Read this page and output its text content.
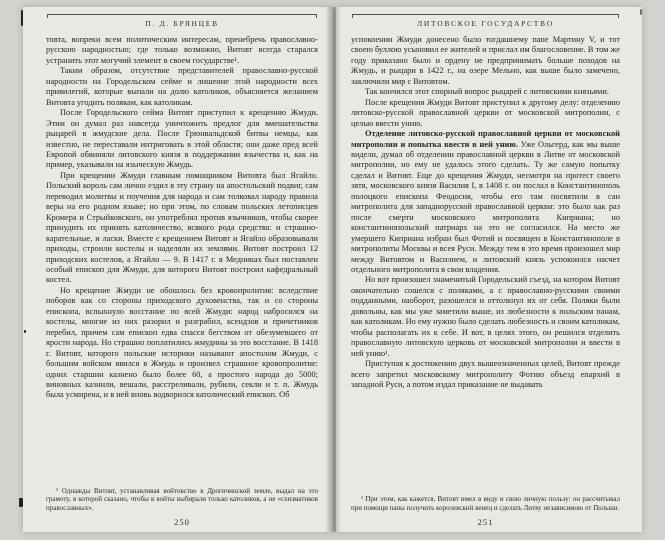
П. Д. БРЯНЦЕВ

товта, вопреки всем политическим интересам, пренебречь православно-русскою народностью; где только возможно, Витовт всегда старался устранить этот могучий элемент в своем государстве¹.

Таким образом, отсутствие представителей православно-русской народности на Городельском сейме и лишение этой народности всех привилегий, которые выпали на долю католиков, объясняется желанием Витовта угодить полякам, как католикам.

После Городельского сейма Витовт приступил к крещению Жмуди. Этим он думал раз навсегда уничтожить предлог для вмешательства рыцарей в жмудские дела. После Грюнвальдской битвы немцы, как известно, не переставали интриговать в этой области; они даже пред всей Европой обвиняли литовского князя в поддержании язычества и, как на пример, указывали на языческую Жмудь.

При крещении Жмуди главным помощником Витовта был Ягайло. Польский король сам лично ездил в эту страну на апостольский подвиг, сам переводил молитвы и поучения для народа и сам толковал народу правила веры на его родном языке; но при этом, по словам польских летописцев Кромера и Стрыйковского, он употреблял против язычников, чтобы скорее принудить их принять католичество, всякого рода средства: и страшно-карательные, и ласки. Вместе с крещением Витовт и Ягайло образовывали приходы, строили костелы и наделяли их землями. Витовт построил 12 приходских костелов, а Ягайло — 9. В 1417 г. в Медниках был поставлен особый епископ для Жмуди, для которого Витовт построил кафедральный костел.

Но крещение Жмуди не обошлось без кровопролития: вследствие поборов как со стороны приходского духовенства, так и со стороны епископа, вспыхнуло восстание по всей Жмуди: народ набросился на костелы, многие из них разорил и разграбил, ксендзов и причетников перебил, причем сам епископ едва спасся бегством от обезумевшего от ярости народа. Но страшно поплатились жмудины за это восстание. В 1418 г. Витовт, которого польские историки называют апостолом Жмуди, с большим войском явился в Жмудь и произвел страшное кровопролитие: одних старшин казнено было более 60, а простого народа до 5000; виновных казнили, вешали, расстреливали, рубили, секли и т. п. Жмудь была усмирена, и в ней вновь водворился католический епископ. Об

¹ Однажды Витовт, устанавливая войтовство в Дрогичинской земле, выдал на это грамоту, в которой сказано, чтобы в войты выбирали только католиков, а не «схизматиков православных».
250
ЛИТОВСКОЕ ГОСУДАРСТВО

успокоении Жмуди донесено было тогдашнему папе Мартину V, и тот своею буллою усыновил ее жителей и прислал им благословение. В том же году приказано было и ордену не предпринимать больше походов на Жмудь, и рыцари в 1422 г., на озере Мельно, как выше было замечено, заключили мир с Витовтом.

Так кончился этот спорный вопрос рыцарей с литовскими князьями.

После крещения Жмуди Витовт приступил к другому делу: отделению литовско-русской православной церкви от московской митрополии, с целью ввести унию.

Отделение литовско-русской православной церкви от московской митрополии и попытка ввести в ней унию. Уже Ольгерд, как мы выше видели, думал об отделении православной церкви в Литве от московской митрополии, но ему не удалось этого сделать. Ту же самую попытку сделал и Витовт. Еще до крещения Жмуди, несмотря на протест своего зятя, московского князя Василия I, в 1408 г. он послал в Константинополь полоцкого епископа Феодосия, чтобы его там посвятили в сан митрополита для западнорусской православной церкви: это было как раз после смерти московского митрополита Киприана; но константинопольский патриарх на это не согласился. На место же умершего Киприана избран был Фотий и посвящен в Константинополе в митрополиты Москвы и всея Руси. Между тем в это время произошел мир между Витовтом и Василием, и литовский князь успокоился насчет отдельного митрополита в свои владения.

Но вот произошел знаменитый Городельский съезд, на котором Витовт окончательно сошелся с поляками, а с православно-русскими своими подданными, наоборот, разошелся и оттолкнул их от себя. Поляки были довольны, как мы уже заметили выше, из любезности к польским панам, как католикам. Но ему нужно было сделать любезность и своим католикам, чтобы располагать их к себе. И вот, в целях этого, он решился отделить православную литовскую церковь от московской митрополии и ввести в ней унию¹.

Приступая к достижению двух вышеозначенных целей, Витовт прежде всего запретил московскому митрополиту Фотию объезд епархий в западной Руси, а потом издал приказание не выдавать

¹ При этом, как кажется, Витовт имел в виду и свою личную пользу: он рассчитывал при помощи папы получить королевский венец и сделать Литву независимою от Польши.
251
